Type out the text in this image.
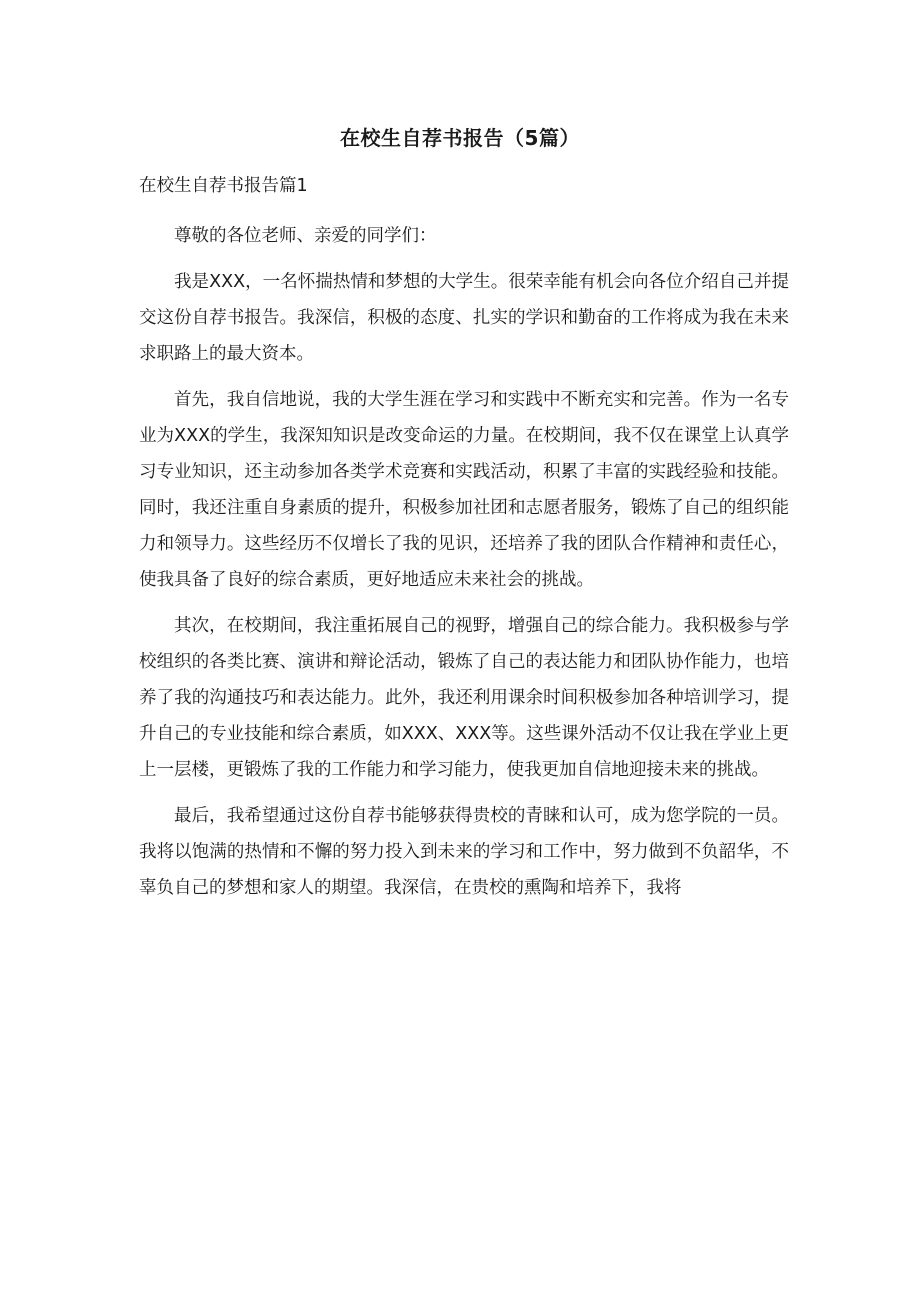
在校生自荐书报告（5篇）
在校生自荐书报告篇1

尊敬的各位老师、亲爱的同学们：

我是XXX，一名怀揣热情和梦想的大学生。很荣幸能有机会向各位介绍自己并提交这份自荐书报告。我深信，积极的态度、扎实的学识和勤奋的工作将成为我在未来求职路上的最大资本。

首先，我自信地说，我的大学生涯在学习和实践中不断充实和完善。作为一名专业为XXX的学生，我深知知识是改变命运的力量。在校期间，我不仅在课堂上认真学习专业知识，还主动参加各类学术竞赛和实践活动，积累了丰富的实践经验和技能。同时，我还注重自身素质的提升，积极参加社团和志愿者服务，锻炼了自己的组织能力和领导力。这些经历不仅增长了我的见识，还培养了我的团队合作精神和责任心，使我具备了良好的综合素质，更好地适应未来社会的挑战。

其次，在校期间，我注重拓展自己的视野，增强自己的综合能力。我积极参与学校组织的各类比赛、演讲和辩论活动，锻炼了自己的表达能力和团队协作能力，也培养了我的沟通技巧和表达能力。此外，我还利用课余时间积极参加各种培训学习，提升自己的专业技能和综合素质，如XXX、XXX等。这些课外活动不仅让我在学业上更上一层楼，更锻炼了我的工作能力和学习能力，使我更加自信地迎接未来的挑战。

最后，我希望通过这份自荐书能够获得贵校的青睐和认可，成为您学院的一员。我将以饱满的热情和不懈的努力投入到未来的学习和工作中，努力做到不负韶华，不辜负自己的梦想和家人的期望。我深信，在贵校的熏陶和培养下，我将
